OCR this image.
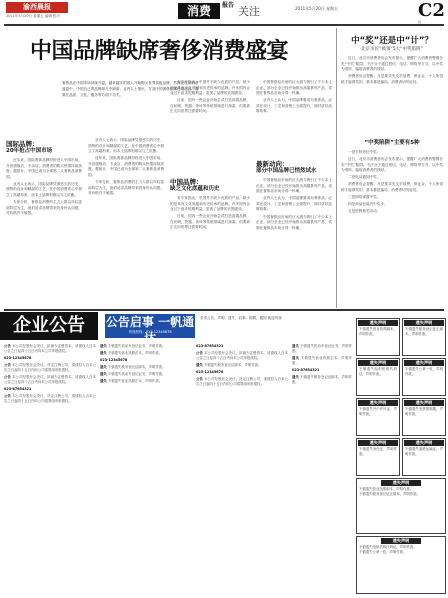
渝西晨报
2011年5月20日 星期五 编辑 校对	消费	报告 关注	2011年5月20日 星期五	C2
版
中国品牌缺席奢侈消费盛宴
奢侈品在中国市场持续升温，越来越多的国人开始购买世界顶级品牌，然而在这场消费盛宴中，中国自己的品牌却几乎缺席。业内人士指出，打造中国奢侈品牌任重道远，需要在品质、文化、服务等方面下功夫。
国际品牌：
20年抢占中国市场

近年来，国际奢侈品牌纷纷进入中国市场，开设旗舰店、专卖店，消费者的购买热情持续高涨。据统计，中国已成为全球第二大奢侈品消费国。

业内人士表示，国际品牌凭借悠久的历史、独特的设计和精湛的工艺，在中国消费者心中树立了高端形象，而本土品牌则难以与之抗衡。

专家分析，奢侈品消费的主力人群以年轻富裕阶层为主，他们追求品牌带来的身份认同感，对价格并不敏感。

业内人士表示，国际品牌凭借悠久的历史、独特的设计和精湛的工艺，在中国消费者心中树立了高端形象，而本土品牌则难以与之抗衡。

近年来，国际奢侈品牌纷纷进入中国市场，开设旗舰店、专卖店，消费者的购买热情持续高涨。据统计，中国已成为全球第二大奢侈品消费国。

专家分析，奢侈品消费的主力人群以年轻富裕阶层为主，他们追求品牌带来的身份认同感，对价格并不敏感。

有专家指出，中国并不缺少优质的产品，缺少的是具有文化底蕴和历史传承的品牌。许多国内企业过于追求短期利益，忽视了品牌的长期建设。

目前，国内一些企业开始尝试打造高端品牌，在丝绸、瓷器、茶叶等传统领域进行探索，但要真正走向世界还需要时间。

中国品牌：
缺乏文化底蕴和历史

有专家指出，中国并不缺少优质的产品，缺少的是具有文化底蕴和历史传承的品牌。许多国内企业过于追求短期利益，忽视了品牌的长期建设。

目前，国内一些企业开始尝试打造高端品牌，在丝绸、瓷器、茶叶等传统领域进行探索，但要真正走向世界还需要时间。

中国奢侈品市场的巨大潜力吸引了不少本土企业。部分企业已经开始推出高端系列产品，试图在奢侈品市场分得一杯羹。

业内人士认为，中国品牌要成为奢侈品，必须在设计、工艺和营销上全面提升，同时讲好品牌故事。

最新动向：
部分中国品牌已悄然试水

中国奢侈品市场的巨大潜力吸引了不少本土企业。部分企业已经开始推出高端系列产品，试图在奢侈品市场分得一杯羹。

业内人士认为，中国品牌要成为奢侈品，必须在设计、工艺和营销上全面提升，同时讲好品牌故事。

中国奢侈品市场的巨大潜力吸引了不少本土企业。部分企业已经开始推出高端系列产品，试图在奢侈品市场分得一杯羹。

中“奖”还是中“计”？
北京市民“被领”5大“中奖陷阱”

近日，北京市消费者协会发布提示，提醒广大消费者警惕各类“中奖”陷阱。不法分子通过短信、电话、网络等方式，以中奖为诱饵，骗取消费者的钱财。

消费者协会提醒，凡是要求先交手续费、保证金、个人所得税才能领奖的，基本都是骗局，消费者切勿轻信。

“中奖陷阱”主要有5种

一是手机短信中奖；

近日，北京市消费者协会发布提示，提醒广大消费者警惕各类“中奖”陷阱。不法分子通过短信、电话、网络等方式，以中奖为诱饵，骗取消费者的钱财。

二是电话通知中奖；

消费者协会提醒，凡是要求先交手续费、保证金、个人所得税才能领奖的，基本都是骗局，消费者切勿轻信。

三是网络弹窗中奖；

四是商品包装内中奖卡；

五是虚假抽奖活动。

企业公告	公告启事 一帆通达
刊登热线：023-12345678
各类公告、声明、遗失、启事、招聘、通知 欢迎刊登

公告 本公司经股东会决议，拟减少注册资本，请债权人自本公告之日起四十五日内向本公司申报债权。

023-12345678

公告 本公司经股东会决议，决定注销公司，请债权人自本公告之日起四十五日内向公司清算组申报债权。

公告 本公司经股东会决议，拟减少注册资本，请债权人自本公告之日起四十五日内向本公司申报债权。

023-87654321

公告 本公司经股东会决议，决定注销公司，请债权人自本公告之日起四十五日内向公司清算组申报债权。

遗失 不慎遗失机动车登记证书，声明作废。

遗失 不慎遗失营业执照正本，声明作废。

023-12345678

遗失 不慎遗失税务登记证副本，声明作废。

遗失 不慎遗失机动车登记证书，声明作废。

遗失 不慎遗失营业执照正本，声明作废。

023-87654321

公告 本公司经股东会决议，拟减少注册资本，请债权人自本公告之日起四十五日内向本公司申报债权。

遗失 不慎遗失税务登记证副本，声明作废。

023-12345678

公告 本公司经股东会决议，决定注销公司，请债权人自本公告之日起四十五日内向公司清算组申报债权。

遗失 不慎遗失机动车登记证书，声明作废。

遗失 不慎遗失营业执照正本，声明作废。

023-87654321

遗失 不慎遗失税务登记证副本，声明作废。

遗失声明
不慎遗失营业执照副本，声明作废。
遗失声明
不慎遗失税务登记证正副本，声明作废。
遗失声明
不慎遗失组织机构代码证，声明作废。
遗失声明
不慎遗失公章一枚，声明作废。
遗失声明
不慎遗失开户许可证，声明作废。
遗失声明
不慎遗失发票领购簿，声明作废。
遗失声明
不慎遗失身份证，声明作废。
遗失声明
不慎遗失道路运输证，声明作废。
遗失声明
不慎遗失营业执照副本，声明作废。
不慎遗失税务登记证正副本，声明作废。
遗失声明
不慎遗失组织机构代码证，声明作废。
不慎遗失公章一枚，声明作废。
